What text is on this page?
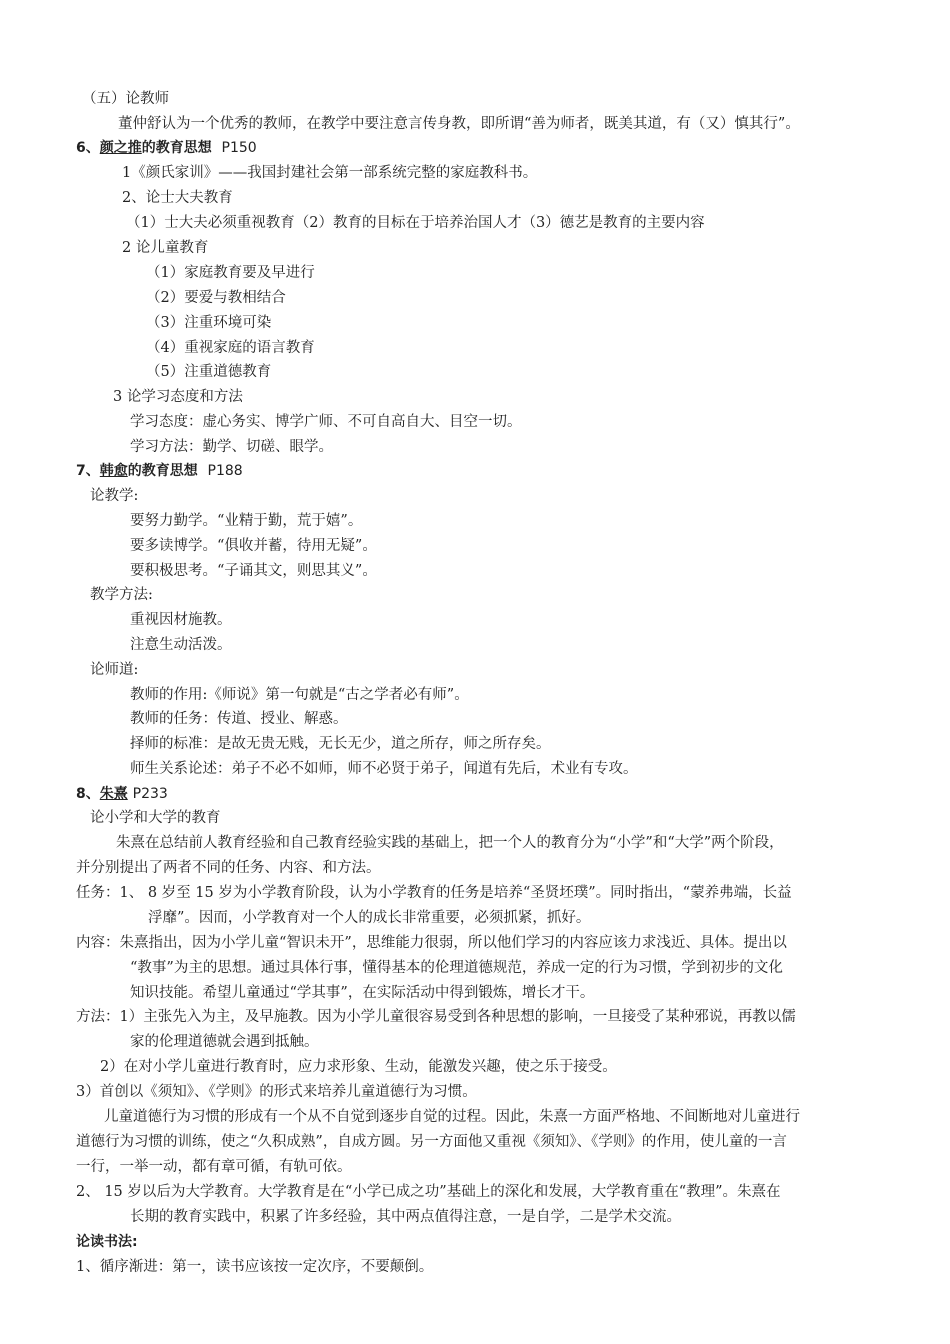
（五）论教师
董仲舒认为一个优秀的教师，在教学中要注意言传身教，即所谓“善为师者，既美其道，有（又）慎其行”。
6、颜之推的教育思想 P150
1《颜氏家训》——我国封建社会第一部系统完整的家庭教科书。
2、论士大夫教育
（1）士大夫必须重视教育（2）教育的目标在于培养治国人才（3）德艺是教育的主要内容
2 论儿童教育
（1）家庭教育要及早进行
（2）要爱与教相结合
（3）注重环境可染
（4）重视家庭的语言教育
（5）注重道德教育
3 论学习态度和方法
学习态度：虚心务实、博学广师、不可自高自大、目空一切。
学习方法：勤学、切磋、眼学。
7、韩愈的教育思想 P188
论教学:
要努力勤学。“业精于勤，荒于嬉”。
要多读博学。“俱收并蓄，待用无疑”。
要积极思考。“子诵其文，则思其义”。
教学方法:
重视因材施教。
注意生动活泼。
论师道:
教师的作用:《师说》第一句就是“古之学者必有师”。
教师的任务：传道、授业、解惑。
择师的标准：是故无贵无贱，无长无少，道之所存，师之所存矣。
师生关系论述：弟子不必不如师，师不必贤于弟子，闻道有先后，术业有专攻。
8、朱熹 P233
论小学和大学的教育
朱熹在总结前人教育经验和自己教育经验实践的基础上，把一个人的教育分为“小学”和“大学”两个阶段，
并分别提出了两者不同的任务、内容、和方法。
任务：1、 8 岁至 15 岁为小学教育阶段，认为小学教育的任务是培养“圣贤坯璞”。同时指出，“蒙养弗端，长益
浮靡”。因而，小学教育对一个人的成长非常重要，必须抓紧，抓好。
内容：朱熹指出，因为小学儿童“智识未开”，思维能力很弱，所以他们学习的内容应该力求浅近、具体。提出以
“教事”为主的思想。通过具体行事，懂得基本的伦理道德规范，养成一定的行为习惯，学到初步的文化
知识技能。希望儿童通过“学其事”，在实际活动中得到锻炼，增长才干。
方法：1）主张先入为主，及早施教。因为小学儿童很容易受到各种思想的影响，一旦接受了某种邪说，再教以儒
家的伦理道德就会遇到抵触。
2）在对小学儿童进行教育时，应力求形象、生动，能激发兴趣，使之乐于接受。
3）首创以《须知》、《学则》的形式来培养儿童道德行为习惯。
儿童道德行为习惯的形成有一个从不自觉到逐步自觉的过程。因此，朱熹一方面严格地、不间断地对儿童进行
道德行为习惯的训练，使之“久积成熟”，自成方圆。另一方面他又重视《须知》、《学则》的作用，使儿童的一言
一行，一举一动，都有章可循，有轨可依。
2、 15 岁以后为大学教育。大学教育是在“小学已成之功”基础上的深化和发展，大学教育重在“教理”。朱熹在
长期的教育实践中，积累了许多经验，其中两点值得注意，一是自学，二是学术交流。
论读书法:
1、循序渐进：第一，读书应该按一定次序，不要颠倒。
